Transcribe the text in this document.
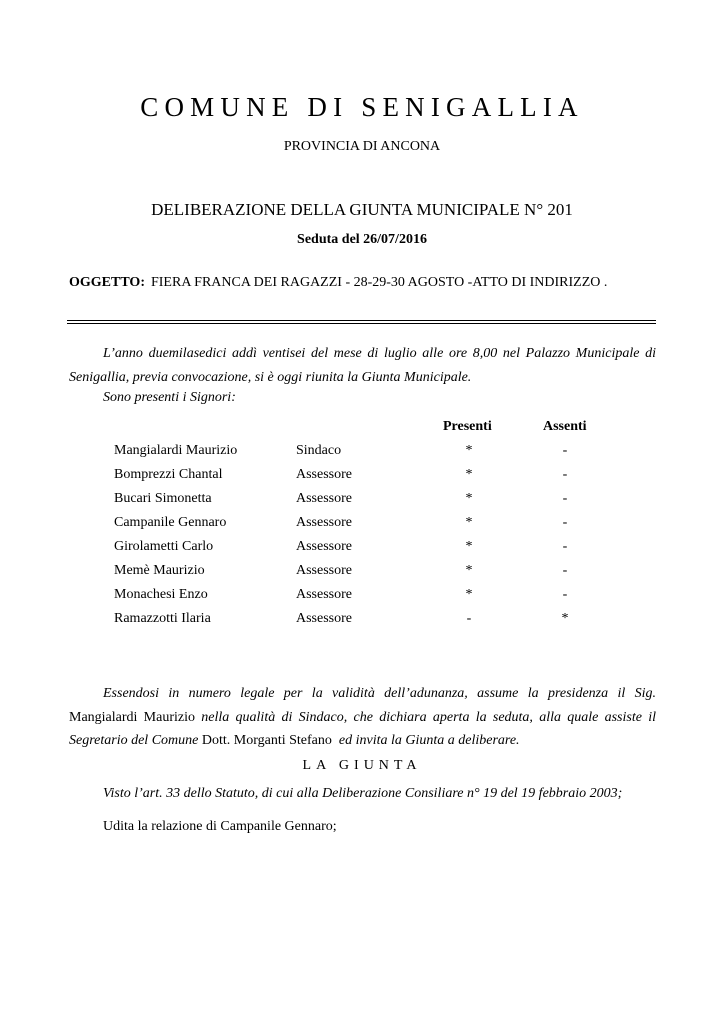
COMUNE DI SENIGALLIA
PROVINCIA DI ANCONA
DELIBERAZIONE DELLA GIUNTA MUNICIPALE N° 201
Seduta del 26/07/2016
OGGETTO: FIERA FRANCA DEI RAGAZZI - 28-29-30 AGOSTO -ATTO DI INDIRIZZO .
L’anno duemilasedici addì ventisei del mese di luglio alle ore 8,00 nel Palazzo Municipale di Senigallia, previa convocazione, si è oggi riunita la Giunta Municipale.
Sono presenti i Signori:
Presenti	Assenti
Mangialardi Maurizio	Sindaco	*	-
Bomprezzi Chantal	Assessore	*	-
Bucari Simonetta	Assessore	*	-
Campanile Gennaro	Assessore	*	-
Girolametti Carlo	Assessore	*	-
Memè Maurizio	Assessore	*	-
Monachesi Enzo	Assessore	*	-
Ramazzotti Ilaria	Assessore	-	*
Essendosi in numero legale per la validità dell’adunanza, assume la presidenza il Sig. Mangialardi Maurizio nella qualità di Sindaco, che dichiara aperta la seduta, alla quale assiste il Segretario del Comune Dott. Morganti Stefano ed invita la Giunta a deliberare.
LA GIUNTA
Visto l’art. 33 dello Statuto, di cui alla Deliberazione Consiliare n° 19 del 19 febbraio 2003;
Udita la relazione di Campanile Gennaro;
